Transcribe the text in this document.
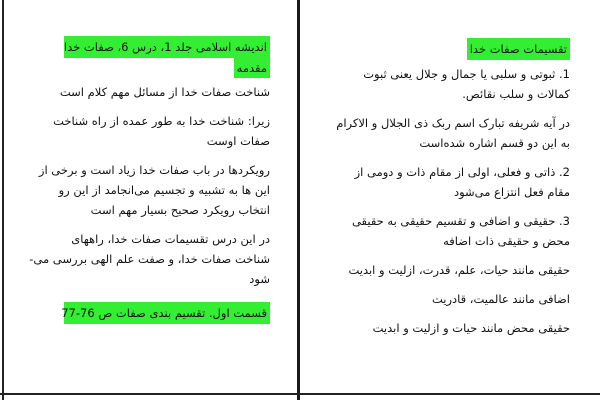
اندیشه اسلامی جلد 1، درس 6، صفات خدا
مقدمه

شناخت صفات خدا از مسائل مهم کلام است

زیرا: شناخت خدا به طور عمده از راه شناخت

صفات اوست

رویکردها در باب صفات خدا زیاد است و برخی از

این ها به تشبیه و تجسیم می‌انجامد از این رو

انتخاب رویکرد صحیح بسیار مهم است

در این درس تقسیمات صفات خدا، راههای

شناخت صفات خدا، و صفت علم الهی بررسی می-

شود

قسمت اول. تقسیم بندی صفات ص 76-77
تقسیمات صفات خدا

1. ثبوتی و سلبی یا جمال و جلال یعنی ثبوت

کمالات و سلب نقائص.

در آیه شریفه تبارک اسم ربک ذی الجلال و الاکرام

به این دو قسم اشاره شده‌است

2. ذاتی و فعلی، اولی از مقام ذات و دومی از

مقام فعل انتزاع می‌شود

3. حقیقی و اضافی و تقسیم حقیقی به حقیقی

محض و حقیقی ذات اضافه

حقیقی مانند حیات، علم، قدرت، ازلیت و ابدیت

اضافی مانند عالمیت، قادریت

حقیقی محض مانند حیات و ازلیت و ابدیت
